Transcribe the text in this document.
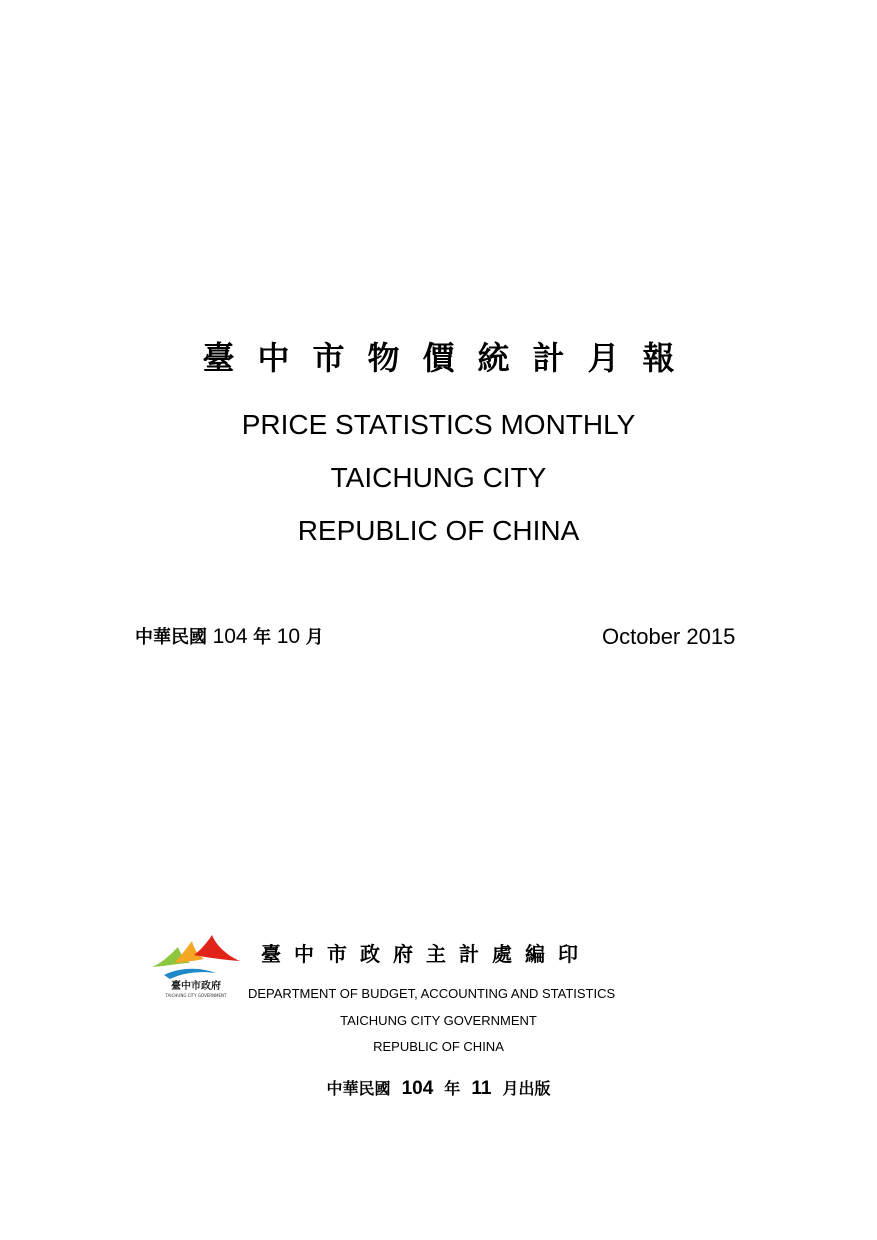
臺中市物價統計月報
PRICE STATISTICS MONTHLY
TAICHUNG CITY
REPUBLIC OF CHINA
中華民國 104 年 10 月	October 2015
臺中市政府
TAICHUNG CITY GOVERNMENT
臺中市政府主計處編印
DEPARTMENT OF BUDGET, ACCOUNTING AND STATISTICS
TAICHUNG CITY GOVERNMENT
REPUBLIC OF CHINA
中華民國 104 年 11 月出版
